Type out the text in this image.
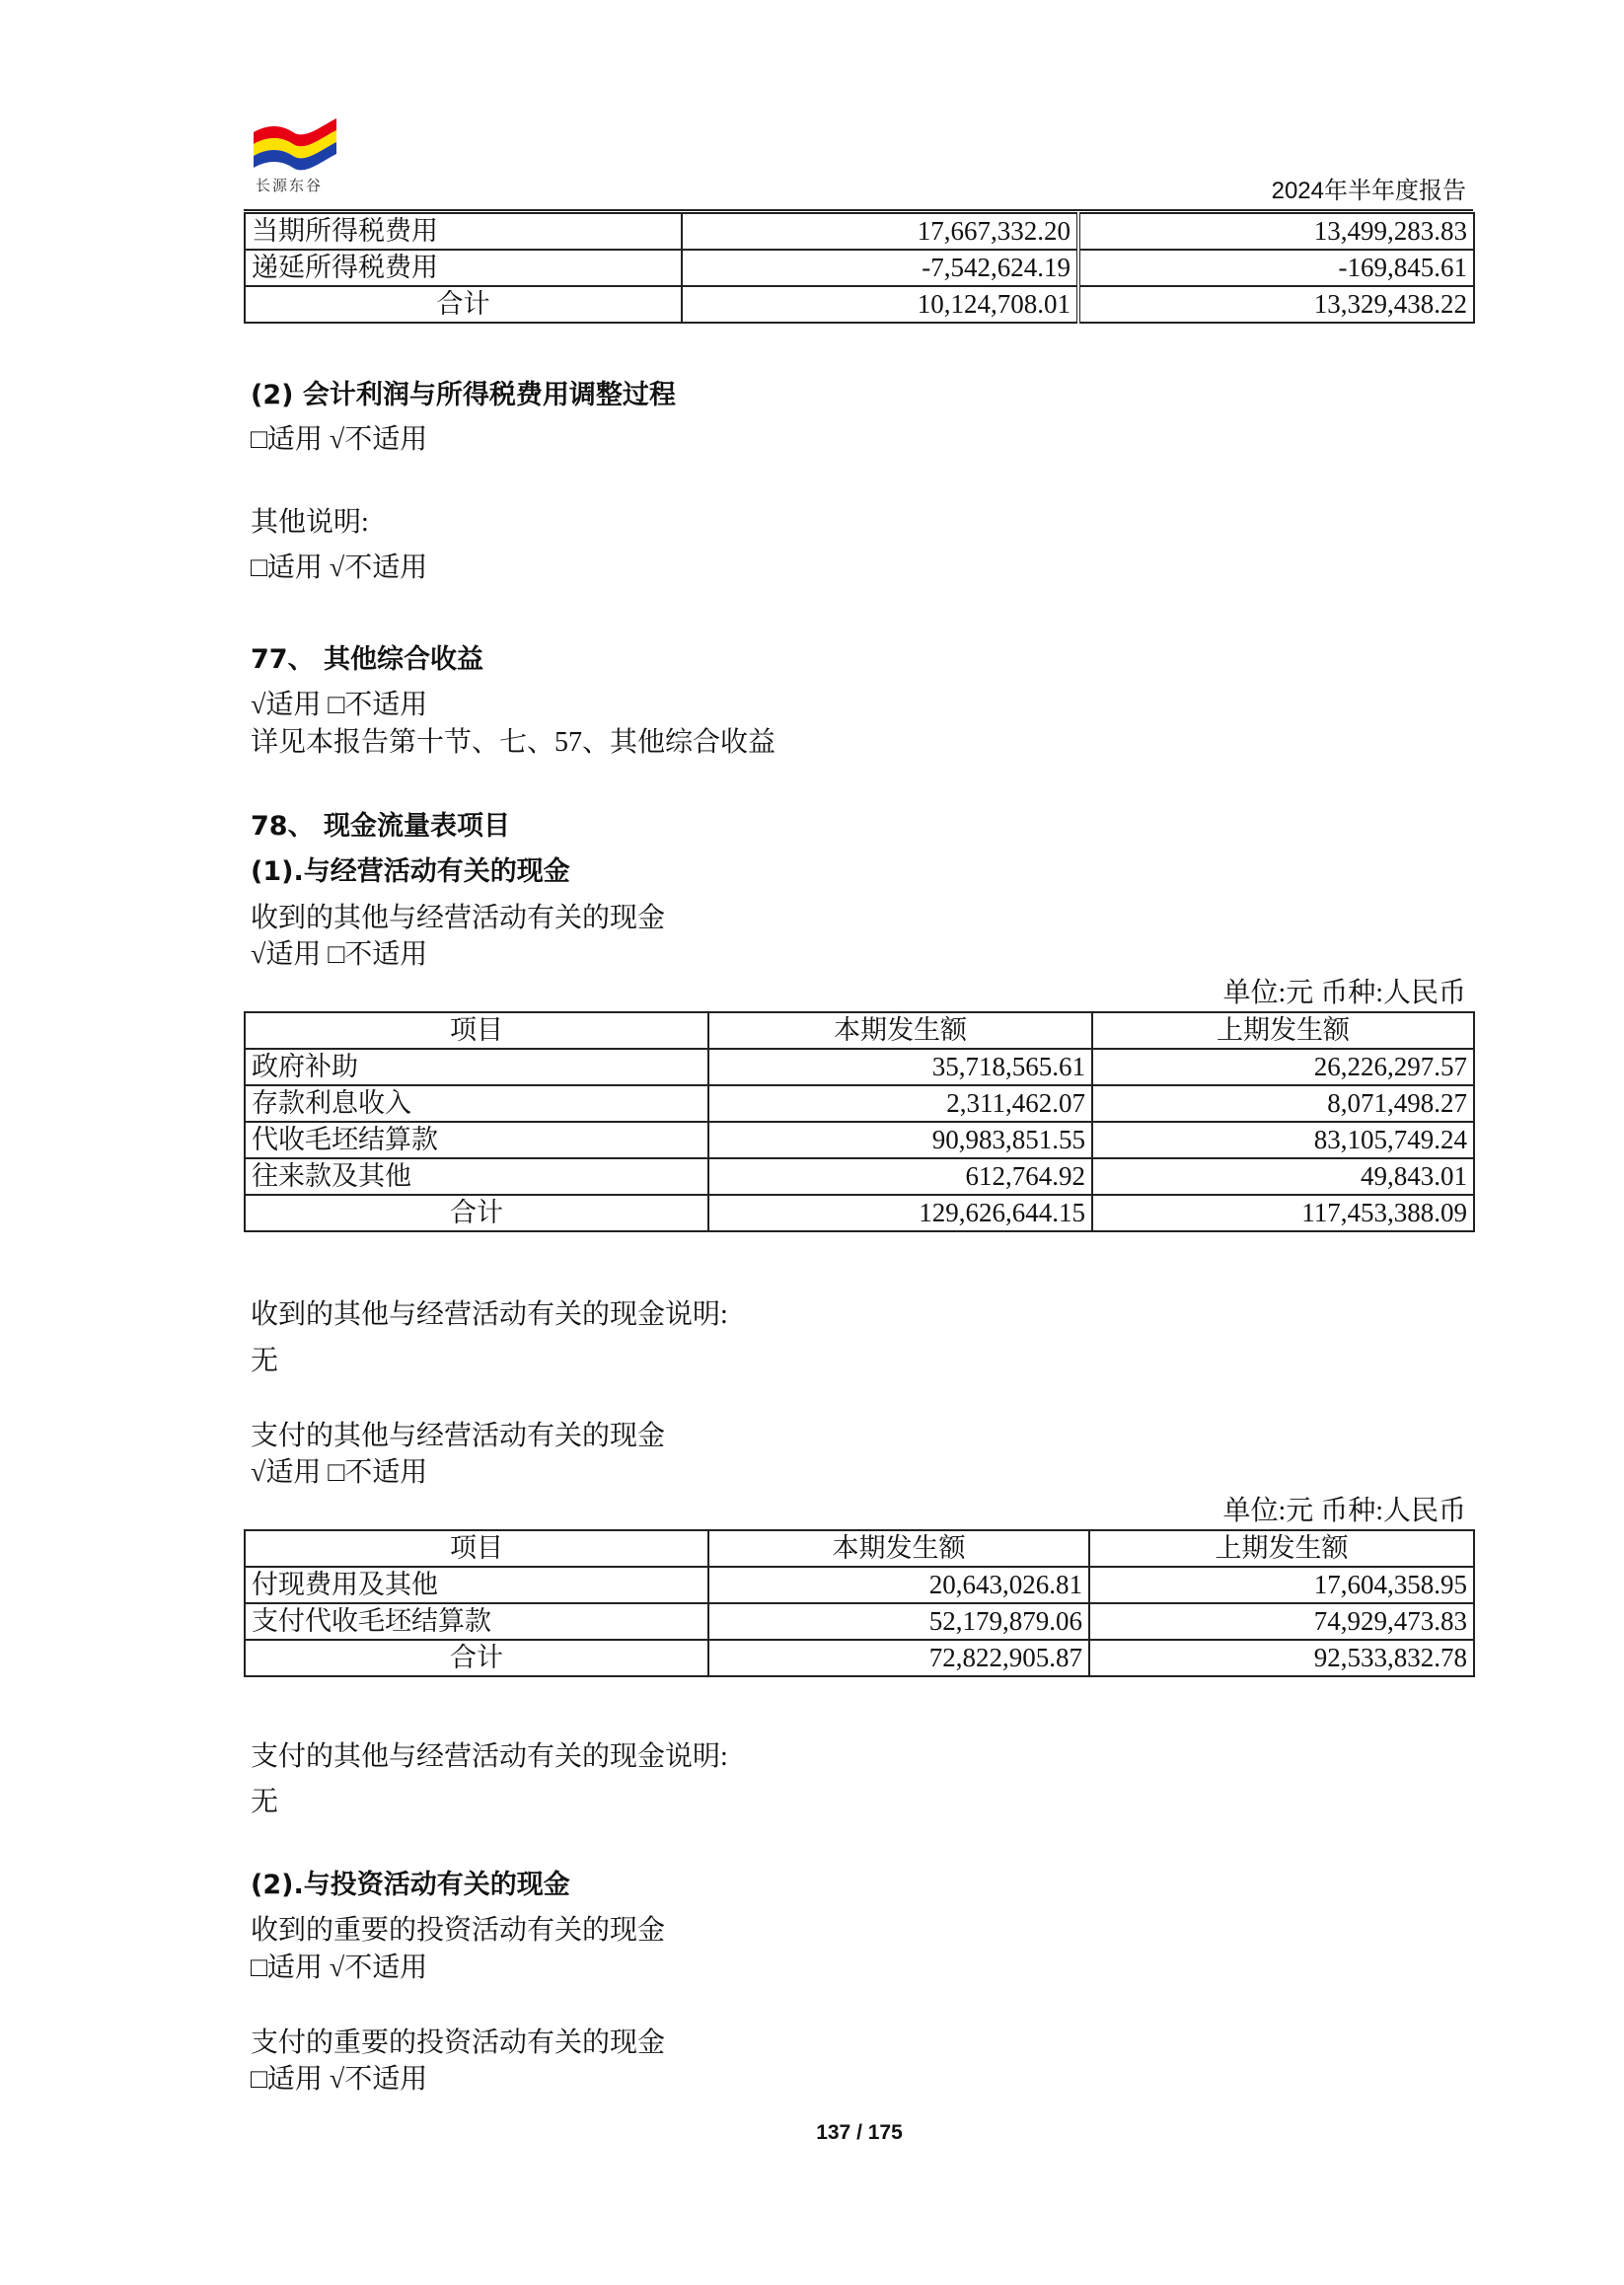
长源东谷	2024年半年度报告
当期所得税费用	17,667,332.20	13,499,283.83
递延所得税费用	-7,542,624.19	-169,845.61
合计	10,124,708.01	13,329,438.22
(2) 会计利润与所得税费用调整过程
□适用 √不适用
其他说明:
□适用 √不适用
77、 其他综合收益
√适用 □不适用
详见本报告第十节、七、57、其他综合收益
78、 现金流量表项目
(1).与经营活动有关的现金
收到的其他与经营活动有关的现金
√适用 □不适用
单位:元 币种:人民币
项目	本期发生额	上期发生额
政府补助	35,718,565.61	26,226,297.57
存款利息收入	2,311,462.07	8,071,498.27
代收毛坯结算款	90,983,851.55	83,105,749.24
往来款及其他	612,764.92	49,843.01
合计	129,626,644.15	117,453,388.09
收到的其他与经营活动有关的现金说明:
无
支付的其他与经营活动有关的现金
√适用 □不适用
单位:元 币种:人民币
项目	本期发生额	上期发生额
付现费用及其他	20,643,026.81	17,604,358.95
支付代收毛坯结算款	52,179,879.06	74,929,473.83
合计	72,822,905.87	92,533,832.78
支付的其他与经营活动有关的现金说明:
无
(2).与投资活动有关的现金
收到的重要的投资活动有关的现金
□适用 √不适用
支付的重要的投资活动有关的现金
□适用 √不适用
137 / 175
